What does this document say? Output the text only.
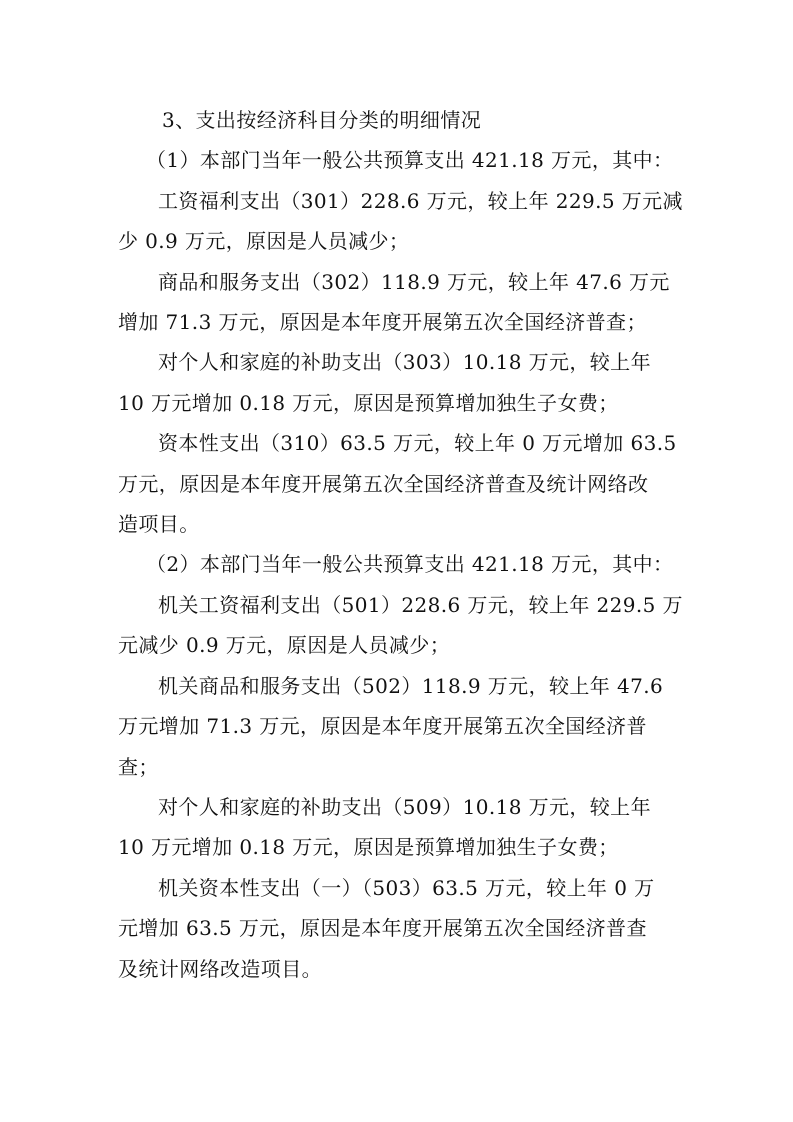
3、支出按经济科目分类的明细情况
（1）本部门当年一般公共预算支出 421.18 万元，其中：
工资福利支出（301）228.6 万元，较上年 229.5 万元减
少 0.9 万元，原因是人员减少；
商品和服务支出（302）118.9 万元，较上年 47.6 万元
增加 71.3 万元，原因是本年度开展第五次全国经济普查；
对个人和家庭的补助支出（303）10.18 万元，较上年
10 万元增加 0.18 万元，原因是预算增加独生子女费；
资本性支出（310）63.5 万元，较上年 0 万元增加 63.5
万元，原因是本年度开展第五次全国经济普查及统计网络改
造项目。
（2）本部门当年一般公共预算支出 421.18 万元，其中：
机关工资福利支出（501）228.6 万元，较上年 229.5 万
元减少 0.9 万元，原因是人员减少；
机关商品和服务支出（502）118.9 万元，较上年 47.6
万元增加 71.3 万元，原因是本年度开展第五次全国经济普
查；
对个人和家庭的补助支出（509）10.18 万元，较上年
10 万元增加 0.18 万元，原因是预算增加独生子女费；
机关资本性支出（一）（503）63.5 万元，较上年 0 万
元增加 63.5 万元，原因是本年度开展第五次全国经济普查
及统计网络改造项目。
